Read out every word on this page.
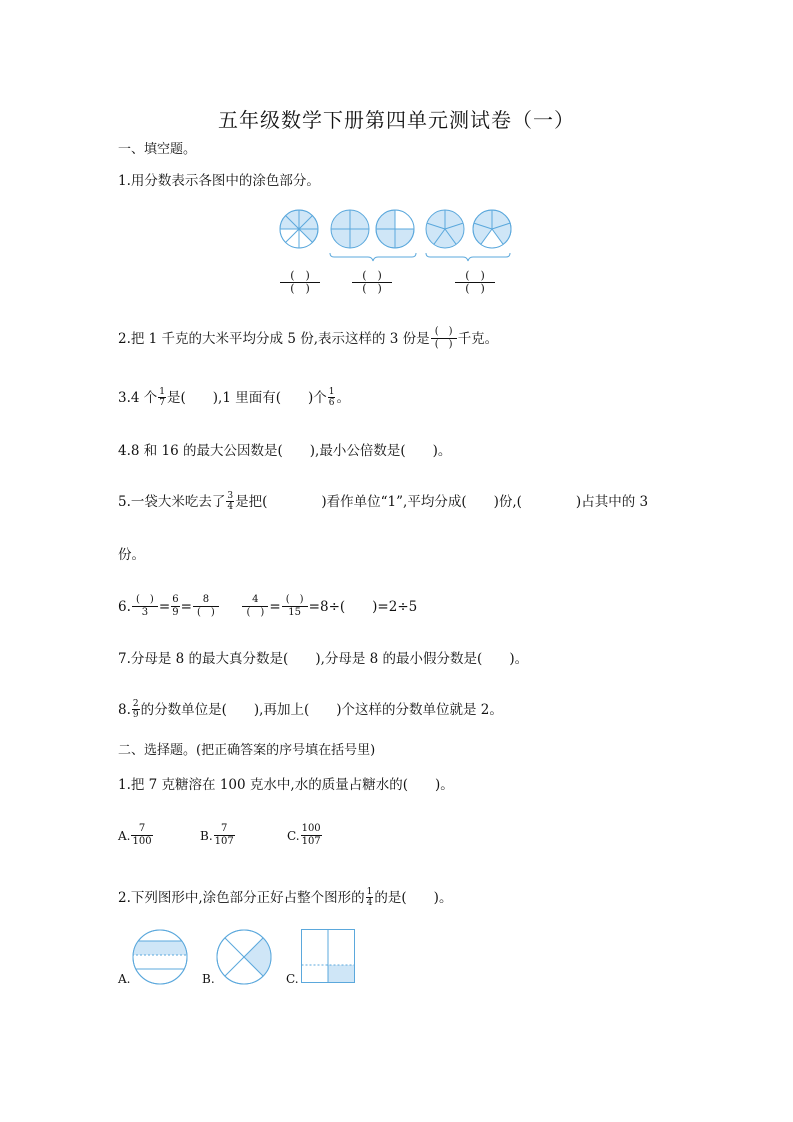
五年级数学下册第四单元测试卷（一）
一、填空题。
1.用分数表示各图中的涂色部分。
(　)
(　)
(　)
(　)
(　)
(　)
2.把 1 千克的大米平均分成 5 份,表示这样的 3 份是 $\frac{( )}{( )}$ 千克。
3.4 个 $\frac{1}{7}$ 是(　　),1 里面有(　　)个 $\frac{1}{6}$ 。
4.8 和 16 的最大公因数是(　　),最小公倍数是(　　)。
5.一袋大米吃去了 $\frac{3}{4}$ 是把(　　　　)看作单位“1”,平均分成(　　)份,(　　　　)占其中的 3
份。
6. $\frac{( )}{3} = \frac{6}{9} = \frac{8}{( )}$
$\frac{4}{( )} = \frac{( )}{15} =8\div$(　　)=2÷5
7.分母是 8 的最大真分数是(　　),分母是 8 的最小假分数是(　　)。
8. $\frac{2}{9}$ 的分数单位是(　　),再加上(　　)个这样的分数单位就是 2。
二、选择题。(把正确答案的序号填在括号里)
1.把 7 克糖溶在 100 克水中,水的质量占糖水的(　　)。
A. $\frac{7}{100}$	B. $\frac{7}{107}$	C. $\frac{100}{107}$
2.下列图形中,涂色部分正好占整个图形的 $\frac{1}{4}$ 的是(　　)。
A.	B.	C.
